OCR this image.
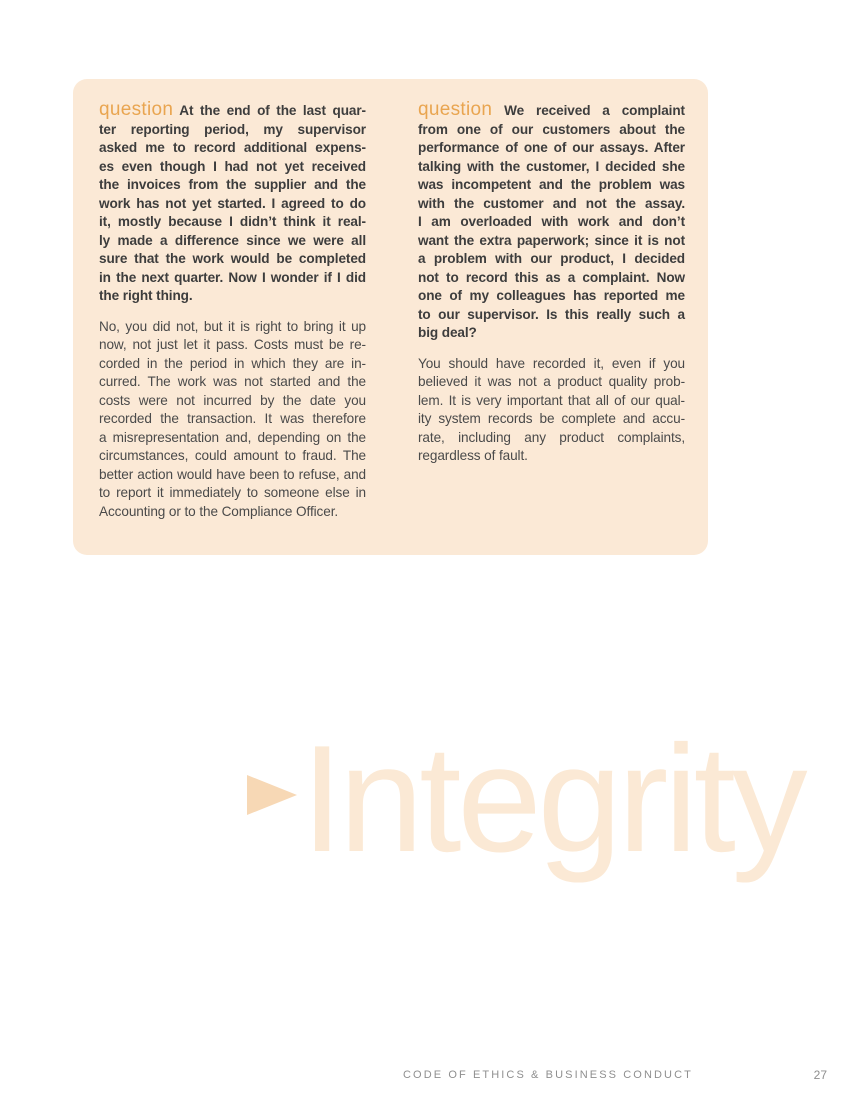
question At the end of the last quar-
ter reporting period, my supervisor
asked me to record additional expens-
es even though I had not yet received
the invoices from the supplier and the
work has not yet started. I agreed to do
it, mostly because I didn’t think it real-
ly made a difference since we were all
sure that the work would be completed
in the next quarter. Now I wonder if I did
the right thing.
No, you did not, but it is right to bring it up
now, not just let it pass. Costs must be re-
corded in the period in which they are in-
curred. The work was not started and the
costs were not incurred by the date you
recorded the transaction. It was therefore
a misrepresentation and, depending on the
circumstances, could amount to fraud. The
better action would have been to refuse, and
to report it immediately to someone else in
Accounting or to the Compliance Officer.
question We received a complaint
from one of our customers about the
performance of one of our assays. After
talking with the customer, I decided she
was incompetent and the problem was
with the customer and not the assay.
I am overloaded with work and don’t
want the extra paperwork; since it is not
a problem with our product, I decided
not to record this as a complaint. Now
one of my colleagues has reported me
to our supervisor. Is this really such a
big deal?
You should have recorded it, even if you
believed it was not a product quality prob-
lem. It is very important that all of our qual-
ity system records be complete and accu-
rate, including any product complaints,
regardless of fault.
Integrity
CODE OF ETHICS & BUSINESS CONDUCT	27
